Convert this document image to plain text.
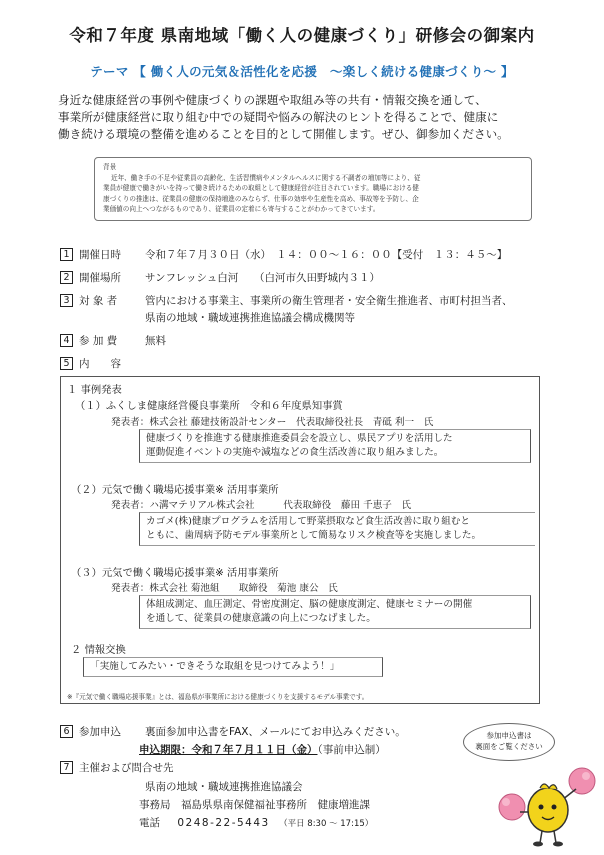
令和７年度 県南地域「働く人の健康づくり」研修会の御案内
テーマ 【 働く人の元気＆活性化を応援　～楽しく続ける健康づくり～ 】
身近な健康経営の事例や健康づくりの課題や取組み等の共有・情報交換を通して、
事業所が健康経営に取り組む中での疑問や悩みの解決のヒントを得ることで、健康に
働き続ける環境の整備を進めることを目的として開催します。ぜひ、御参加ください。
背景
近年、働き手の不足や従業員の高齢化、生活習慣病やメンタルヘルスに関する不調者の増加等により、従
業員が健康で働きがいを持って働き続けるための取組として健康経営が注目されています。職場における健
康づくりの推進は、従業員の健康の保持増進のみならず、仕事の効率や生産性を高め、事故等を予防し、企
業価値の向上へつながるものであり、従業員の定着にも寄与することがわかってきています。
1 開催日時 令和７年７月３０日（水）　１４：００～１６：００【受付　１３：４５～】
2 開催場所 サンフレッシュ白河　　（白河市久田野城内３１）
3 対 象 者	管内における事業主、事業所の衛生管理者・安全衛生推進者、市町村担当者、
県南の地域・職域連携推進協議会構成機関等
4 参 加 費	無料
5 内　　容
１ 事例発表
（１）ふくしま健康経営優良事業所　令和６年度県知事賞
発表者：株式会社 藤建技術設計センター　代表取締役社長　青砥 利一　氏
健康づくりを推進する健康推進委員会を設立し、県民アプリを活用した
運動促進イベントの実施や減塩などの食生活改善に取り組みました。
（２）元気で働く職場応援事業※ 活用事業所
発表者：ハ溝マテリアル株式会社　　　代表取締役　藤田 千恵子　氏
カゴメ(株)健康プログラムを活用して野菜摂取など食生活改善に取り組むと
ともに、歯周病予防モデル事業所として簡易なリスク検査等を実施しました。
（３）元気で働く職場応援事業※ 活用事業所
発表者：株式会社 菊池組　　取締役　菊池 康公　氏
体組成測定、血圧測定、骨密度測定、脳の健康度測定、健康セミナーの開催
を通して、従業員の健康意識の向上につなげました。
２ 情報交換
「実施してみたい・できそうな取組を見つけてみよう！」
※『元気で働く職場応援事業』とは、福島県が事業所における健康づくりを支援するモデル事業です。
6 参加申込 裏面参加申込書をFAX、メールにてお申込みください。
申込期限：令和７年７月１１日（金）（事前申込制）
7 主催および問合せ先
県南の地域・職域連携推進協議会
事務局　福島県県南保健福祉事務所　健康増進課
電話 0248-22-5443 （平日 8:30 ～ 17:15）
参加申込書は
裏面をご覧ください
